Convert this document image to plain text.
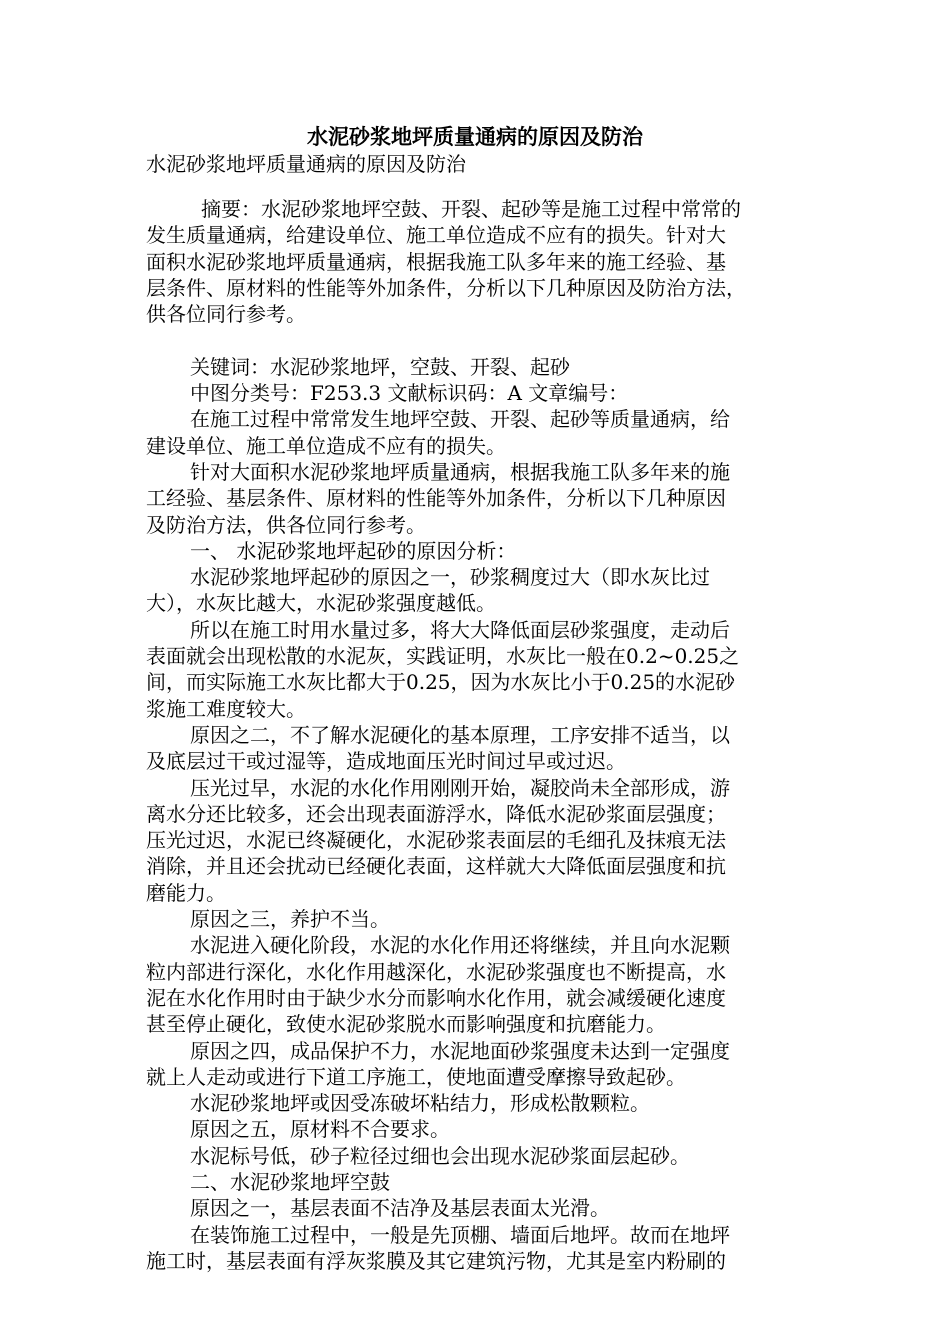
水泥砂浆地坪质量通病的原因及防治
水泥砂浆地坪质量通病的原因及防治
摘要：水泥砂浆地坪空鼓、开裂、起砂等是施工过程中常常的
发生质量通病，给建设单位、施工单位造成不应有的损失。针对大
面积水泥砂浆地坪质量通病，根据我施工队多年来的施工经验、基
层条件、原材料的性能等外加条件，分析以下几种原因及防治方法，
供各位同行参考。
关键词：水泥砂浆地坪，空鼓、开裂、起砂
中图分类号：F253.3 文献标识码：A 文章编号：
在施工过程中常常发生地坪空鼓、开裂、起砂等质量通病，给
建设单位、施工单位造成不应有的损失。
针对大面积水泥砂浆地坪质量通病，根据我施工队多年来的施
工经验、基层条件、原材料的性能等外加条件，分析以下几种原因
及防治方法，供各位同行参考。
一、 水泥砂浆地坪起砂的原因分析：
水泥砂浆地坪起砂的原因之一，砂浆稠度过大（即水灰比过
大），水灰比越大，水泥砂浆强度越低。
所以在施工时用水量过多，将大大降低面层砂浆强度，走动后
表面就会出现松散的水泥灰，实践证明，水灰比一般在0.2~0.25之
间，而实际施工水灰比都大于0.25，因为水灰比小于0.25的水泥砂
浆施工难度较大。
原因之二，不了解水泥硬化的基本原理，工序安排不适当，以
及底层过干或过湿等，造成地面压光时间过早或过迟。
压光过早，水泥的水化作用刚刚开始，凝胶尚未全部形成，游
离水分还比较多，还会出现表面游浮水，降低水泥砂浆面层强度；
压光过迟，水泥已终凝硬化，水泥砂浆表面层的毛细孔及抹痕无法
消除，并且还会扰动已经硬化表面，这样就大大降低面层强度和抗
磨能力。
原因之三，养护不当。
水泥进入硬化阶段，水泥的水化作用还将继续，并且向水泥颗
粒内部进行深化，水化作用越深化，水泥砂浆强度也不断提高，水
泥在水化作用时由于缺少水分而影响水化作用，就会减缓硬化速度
甚至停止硬化，致使水泥砂浆脱水而影响强度和抗磨能力。
原因之四，成品保护不力，水泥地面砂浆强度未达到一定强度
就上人走动或进行下道工序施工，使地面遭受摩擦导致起砂。
水泥砂浆地坪或因受冻破坏粘结力，形成松散颗粒。
原因之五，原材料不合要求。
水泥标号低，砂子粒径过细也会出现水泥砂浆面层起砂。
二、水泥砂浆地坪空鼓
原因之一，基层表面不洁净及基层表面太光滑。
在装饰施工过程中，一般是先顶棚、墙面后地坪。故而在地坪
施工时，基层表面有浮灰浆膜及其它建筑污物，尤其是室内粉刷的
